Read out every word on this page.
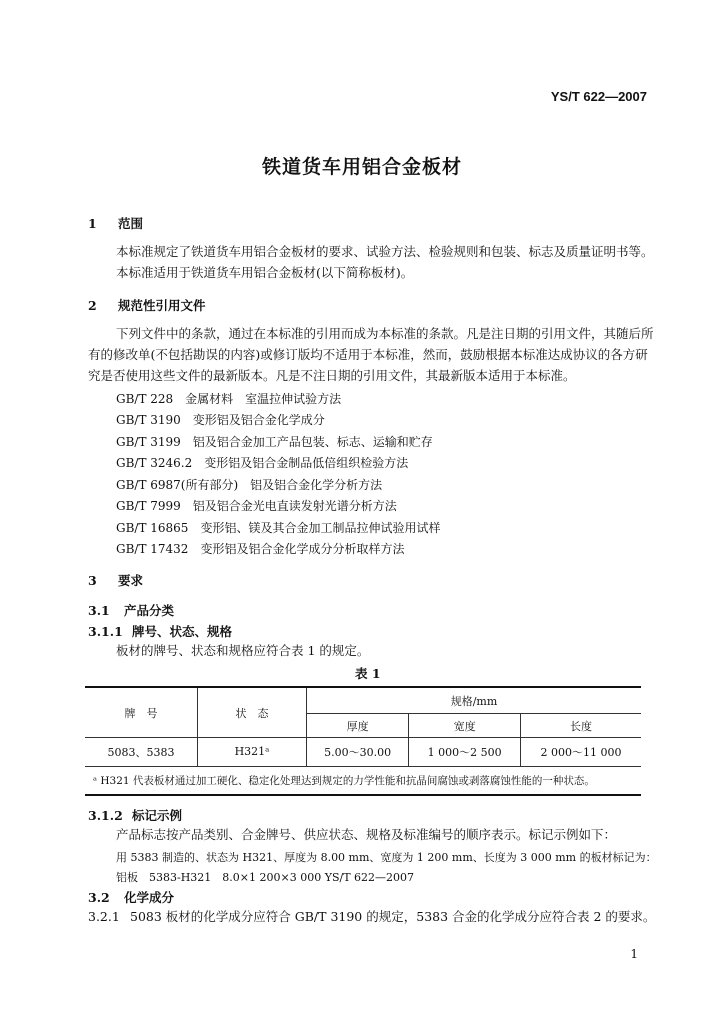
YS/T 622—2007
铁道货车用铝合金板材
1 范围
本标准规定了铁道货车用铝合金板材的要求、试验方法、检验规则和包装、标志及质量证明书等。
本标准适用于铁道货车用铝合金板材(以下简称板材)。
2 规范性引用文件
下列文件中的条款，通过在本标准的引用而成为本标准的条款。凡是注日期的引用文件，其随后所
有的修改单(不包括勘误的内容)或修订版均不适用于本标准，然而，鼓励根据本标准达成协议的各方研
究是否使用这些文件的最新版本。凡是不注日期的引用文件，其最新版本适用于本标准。
GB/T 228　金属材料　室温拉伸试验方法
GB/T 3190　变形铝及铝合金化学成分
GB/T 3199　铝及铝合金加工产品包装、标志、运输和贮存
GB/T 3246.2　变形铝及铝合金制品低倍组织检验方法
GB/T 6987(所有部分)　铝及铝合金化学分析方法
GB/T 7999　铝及铝合金光电直读发射光谱分析方法
GB/T 16865　变形铝、镁及其合金加工制品拉伸试验用试样
GB/T 17432　变形铝及铝合金化学成分分析取样方法
3 要求
3.1 产品分类
3.1.1 牌号、状态、规格
板材的牌号、状态和规格应符合表 1 的规定。
表 1
牌　号	状　态	规格/mm		
		厚度	宽度	长度
5083、5383	H321ᵃ	5.00～30.00	1 000～2 500	2 000～11 000
ᵃ H321 代表板材通过加工硬化、稳定化处理达到规定的力学性能和抗晶间腐蚀或剥落腐蚀性能的一种状态。				
3.1.2 标记示例
产品标志按产品类别、合金牌号、供应状态、规格及标准编号的顺序表示。标记示例如下：
用 5383 制造的、状态为 H321、厚度为 8.00 mm、宽度为 1 200 mm、长度为 3 000 mm 的板材标记为：
铝板　5383-H321　8.0×1 200×3 000 YS/T 622—2007
3.2 化学成分
3.2.1 5083 板材的化学成分应符合 GB/T 3190 的规定，5383 合金的化学成分应符合表 2 的要求。
1
